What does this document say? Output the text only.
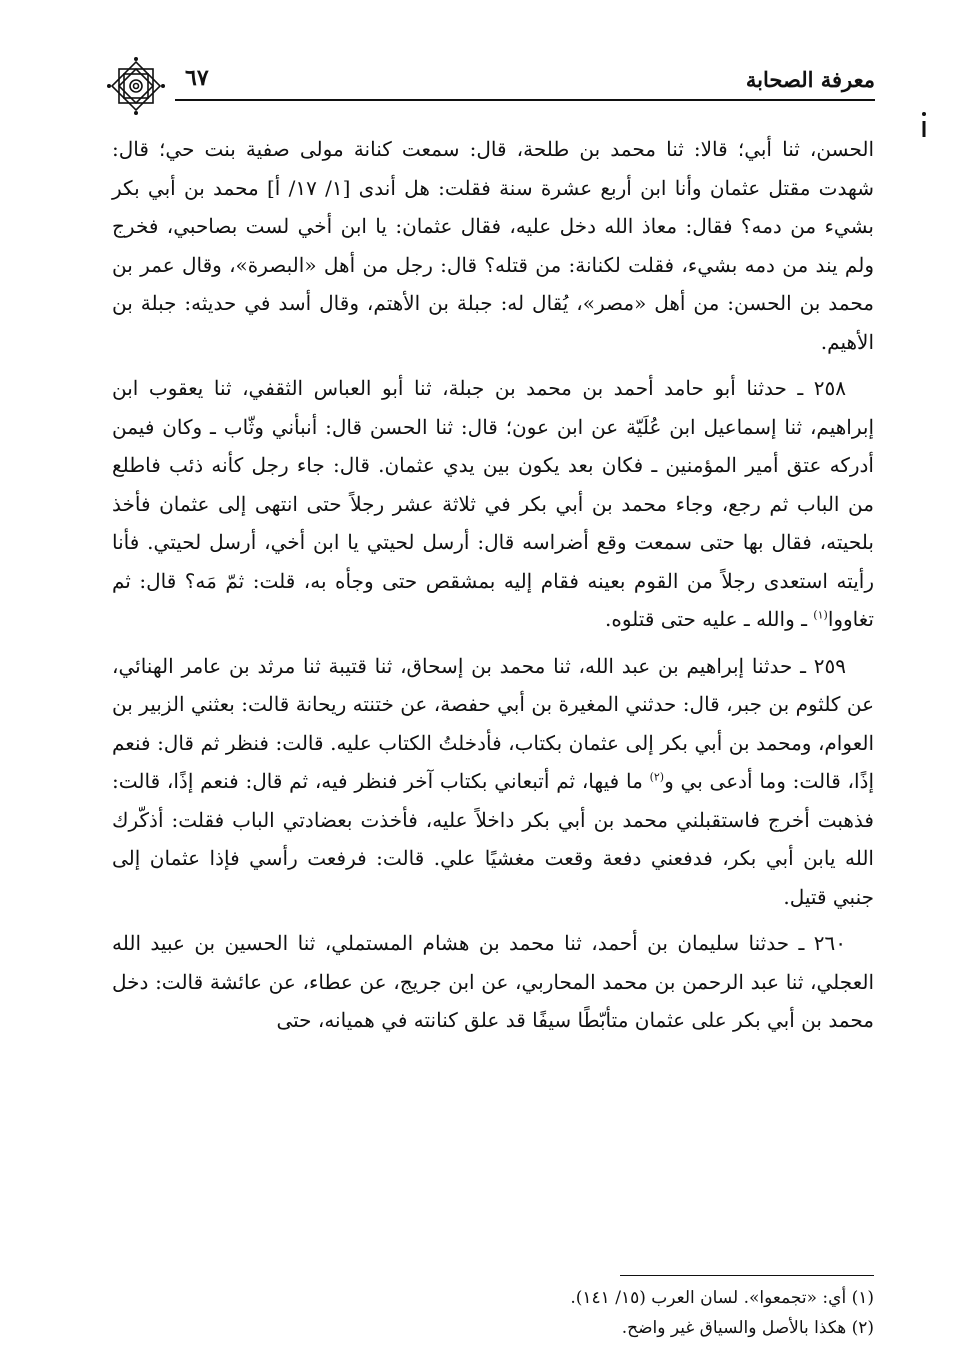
٦٧	معرفة الصحابة

الحسن، ثنا أبي؛ قالا: ثنا محمد بن طلحة، قال: سمعت كنانة مولى صفية بنت حي؛ قال: شهدت مقتل عثمان وأنا ابن أربع عشرة سنة فقلت: هل أندى [١/ ١٧/ أ] محمد بن أبي بكر بشيء من دمه؟ فقال: معاذ الله دخل عليه، فقال عثمان: يا ابن أخي لست بصاحبي، فخرج ولم يند من دمه بشيء، فقلت لكنانة: من قتله؟ قال: رجل من أهل «البصرة»، وقال عمر بن محمد بن الحسن: من أهل «مصر»، يُقال له: جبلة بن الأهتم، وقال أسد في حديثه: جبلة بن الأهيم.

٢٥٨ ـ حدثنا أبو حامد أحمد بن محمد بن جبلة، ثنا أبو العباس الثقفي، ثنا يعقوب ابن إبراهيم، ثنا إسماعيل ابن عُلَيّة عن ابن عون؛ قال: ثنا الحسن قال: أنبأني وثّاب ـ وكان فيمن أدركه عتق أمير المؤمنين ـ فكان بعد يكون بين يدي عثمان. قال: جاء رجل كأنه ذئب فاطلع من الباب ثم رجع، وجاء محمد بن أبي بكر في ثلاثة عشر رجلاً حتى انتهى إلى عثمان فأخذ بلحيته، فقال بها حتى سمعت وقع أضراسه قال: أرسل لحيتي يا ابن أخي، أرسل لحيتي. فأنا رأيته استعدى رجلاً من القوم بعينه فقام إليه بمشقص حتى وجأه به، قلت: ثمّ مَه؟ قال: ثم تغاووا$^{(١)}$ ـ والله ـ عليه حتى قتلوه.

٢٥٩ ـ حدثنا إبراهيم بن عبد الله، ثنا محمد بن إسحاق، ثنا قتيبة ثنا مرثد بن عامر الهنائي، عن كلثوم بن جبر، قال: حدثني المغيرة بن أبي حفصة، عن ختنته ريحانة قالت: بعثني الزبير بن العوام، ومحمد بن أبي بكر إلى عثمان بكتاب، فأدخلتُ الكتاب عليه. قالت: فنظر ثم قال: فنعم إذًا، قالت: وما أدعى بي و$^{(٢)}$ ما فيها، ثم أتبعاني بكتاب آخر فنظر فيه، ثم قال: فنعم إذًا، قالت: فذهبت أخرج فاستقبلني محمد بن أبي بكر داخلاً عليه، فأخذت بعضادتي الباب فقلت: أذكّرك الله يابن أبي بكر، فدفعني دفعة وقعت مغشيًا علي. قالت: فرفعت رأسي فإذا عثمان إلى جنبي قتيل.

٢٦٠ ـ حدثنا سليمان بن أحمد، ثنا محمد بن هشام المستملي، ثنا الحسين بن عبيد الله العجلي، ثنا عبد الرحمن بن محمد المحاربي، عن ابن جريج، عن عطاء، عن عائشة قالت: دخل محمد بن أبي بكر على عثمان متأبّطًا سيفًا قد علق كنانته في هميانه، حتى

(١) أي: «تجمعوا». لسان العرب (١٥/ ١٤١).
(٢) هكذا بالأصل والسياق غير واضح.
